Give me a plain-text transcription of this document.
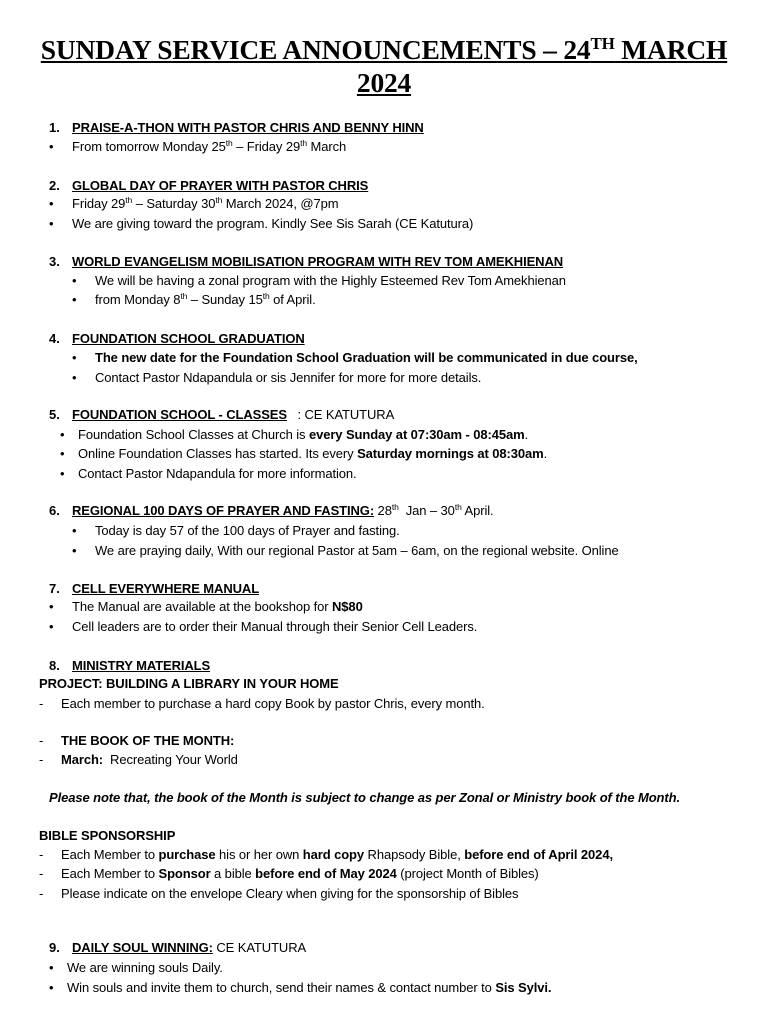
SUNDAY SERVICE ANNOUNCEMENTS – 24TH MARCH
2024
1. PRAISE-A-THON WITH PASTOR CHRIS AND BENNY HINN
• From tomorrow Monday 25th – Friday 29th March
2. GLOBAL DAY OF PRAYER WITH PASTOR CHRIS
• Friday 29th – Saturday 30th March 2024, @7pm
• We are giving toward the program. Kindly See Sis Sarah (CE Katutura)
3. WORLD EVANGELISM MOBILISATION PROGRAM WITH REV TOM AMEKHIENAN
• We will be having a zonal program with the Highly Esteemed Rev Tom Amekhienan
• from Monday 8th – Sunday 15th of April.
4. FOUNDATION SCHOOL GRADUATION
• The new date for the Foundation School Graduation will be communicated in due course,
• Contact Pastor Ndapandula or sis Jennifer for more for more details.
5. FOUNDATION SCHOOL - CLASSES   : CE KATUTURA
• Foundation School Classes at Church is every Sunday at 07:30am - 08:45am.
• Online Foundation Classes has started. Its every Saturday mornings at 08:30am.
• Contact Pastor Ndapandula for more information.
6. REGIONAL 100 DAYS OF PRAYER AND FASTING: 28th  Jan – 30th April.
• Today is day 57 of the 100 days of Prayer and fasting.
• We are praying daily, With our regional Pastor at 5am – 6am, on the regional website. Online
7. CELL EVERYWHERE MANUAL
• The Manual are available at the bookshop for N$80
• Cell leaders are to order their Manual through their Senior Cell Leaders.
8. MINISTRY MATERIALS
PROJECT: BUILDING A LIBRARY IN YOUR HOME
- Each member to purchase a hard copy Book by pastor Chris, every month.
- THE BOOK OF THE MONTH:
- March:  Recreating Your World
Please note that, the book of the Month is subject to change as per Zonal or Ministry book of the Month.
BIBLE SPONSORSHIP
- Each Member to purchase his or her own hard copy Rhapsody Bible, before end of April 2024,
- Each Member to Sponsor a bible before end of May 2024 (project Month of Bibles)
- Please indicate on the envelope Cleary when giving for the sponsorship of Bibles
9. DAILY SOUL WINNING: CE KATUTURA
• We are winning souls Daily.
• Win souls and invite them to church, send their names & contact number to Sis Sylvi.
